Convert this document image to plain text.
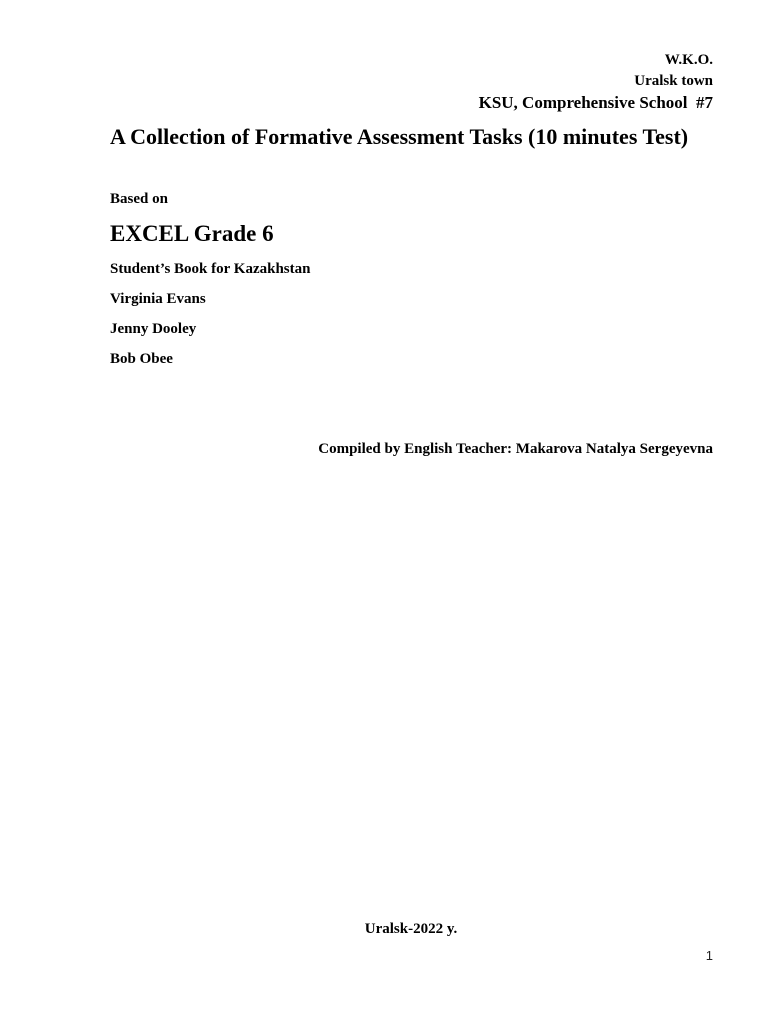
W.K.O.
Uralsk town
KSU, Comprehensive School  #7
A Collection of Formative Assessment Tasks (10 minutes Test)
Based on
EXCEL Grade 6
Student’s Book for Kazakhstan
Virginia Evans
Jenny Dooley
Bob Obee
Compiled by English Teacher: Makarova Natalya Sergeyevna
Uralsk-2022 y.
1
